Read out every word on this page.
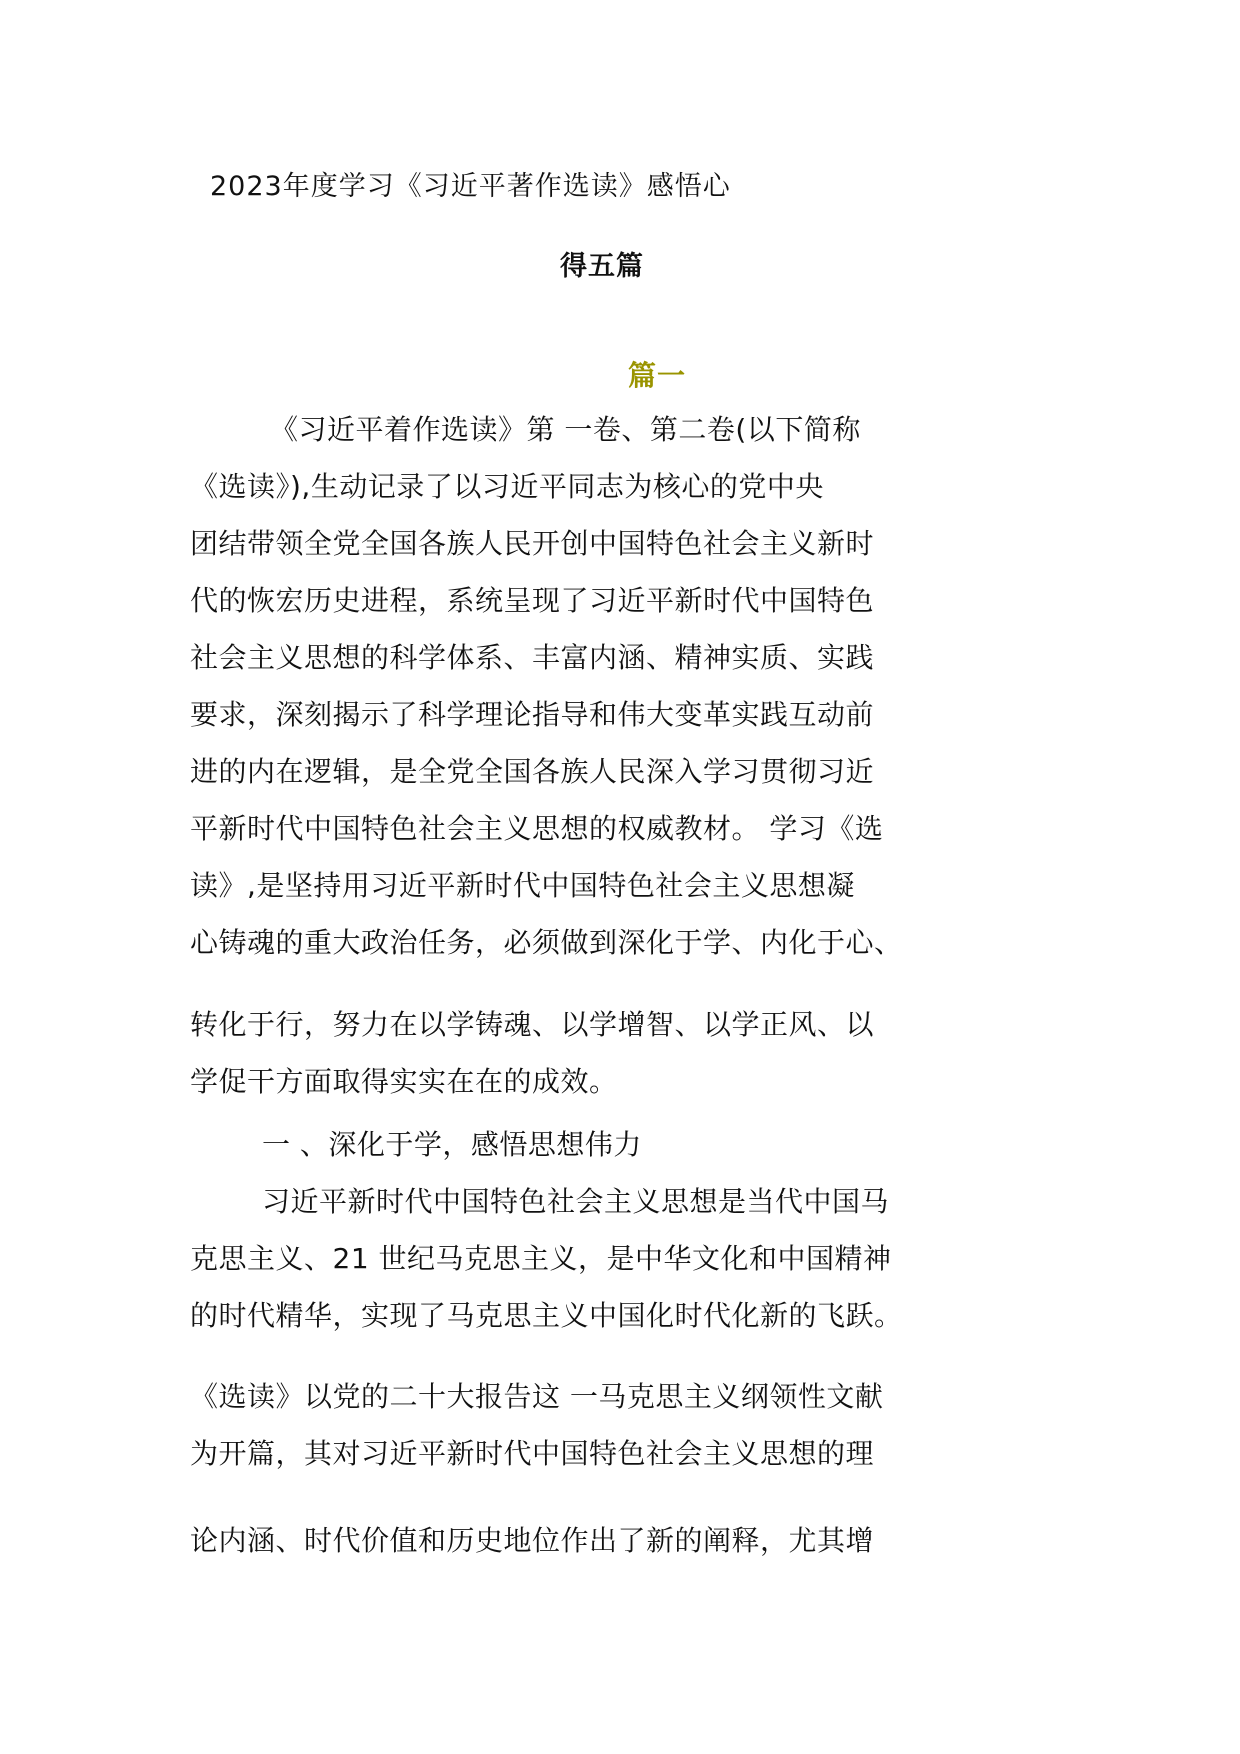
2023年度学习《习近平著作选读》感悟心
得五篇
篇一
《习近平着作选读》第 一卷、第二卷(以下简称
《选读》),生动记录了以习近平同志为核心的党中央
团结带领全党全国各族人民开创中国特色社会主义新时
代的恢宏历史进程，系统呈现了习近平新时代中国特色
社会主义思想的科学体系、丰富内涵、精神实质、实践
要求，深刻揭示了科学理论指导和伟大变革实践互动前
进的内在逻辑，是全党全国各族人民深入学习贯彻习近
平新时代中国特色社会主义思想的权威教材。 学习《选
读》,是坚持用习近平新时代中国特色社会主义思想凝
心铸魂的重大政治任务，必须做到深化于学、内化于心、
转化于行，努力在以学铸魂、以学增智、以学正风、以
学促干方面取得实实在在的成效。
一 、深化于学，感悟思想伟力
习近平新时代中国特色社会主义思想是当代中国马
克思主义、21 世纪马克思主义，是中华文化和中国精神
的时代精华，实现了马克思主义中国化时代化新的飞跃。
《选读》以党的二十大报告这 一马克思主义纲领性文献
为开篇，其对习近平新时代中国特色社会主义思想的理
论内涵、时代价值和历史地位作出了新的阐释，尤其增
